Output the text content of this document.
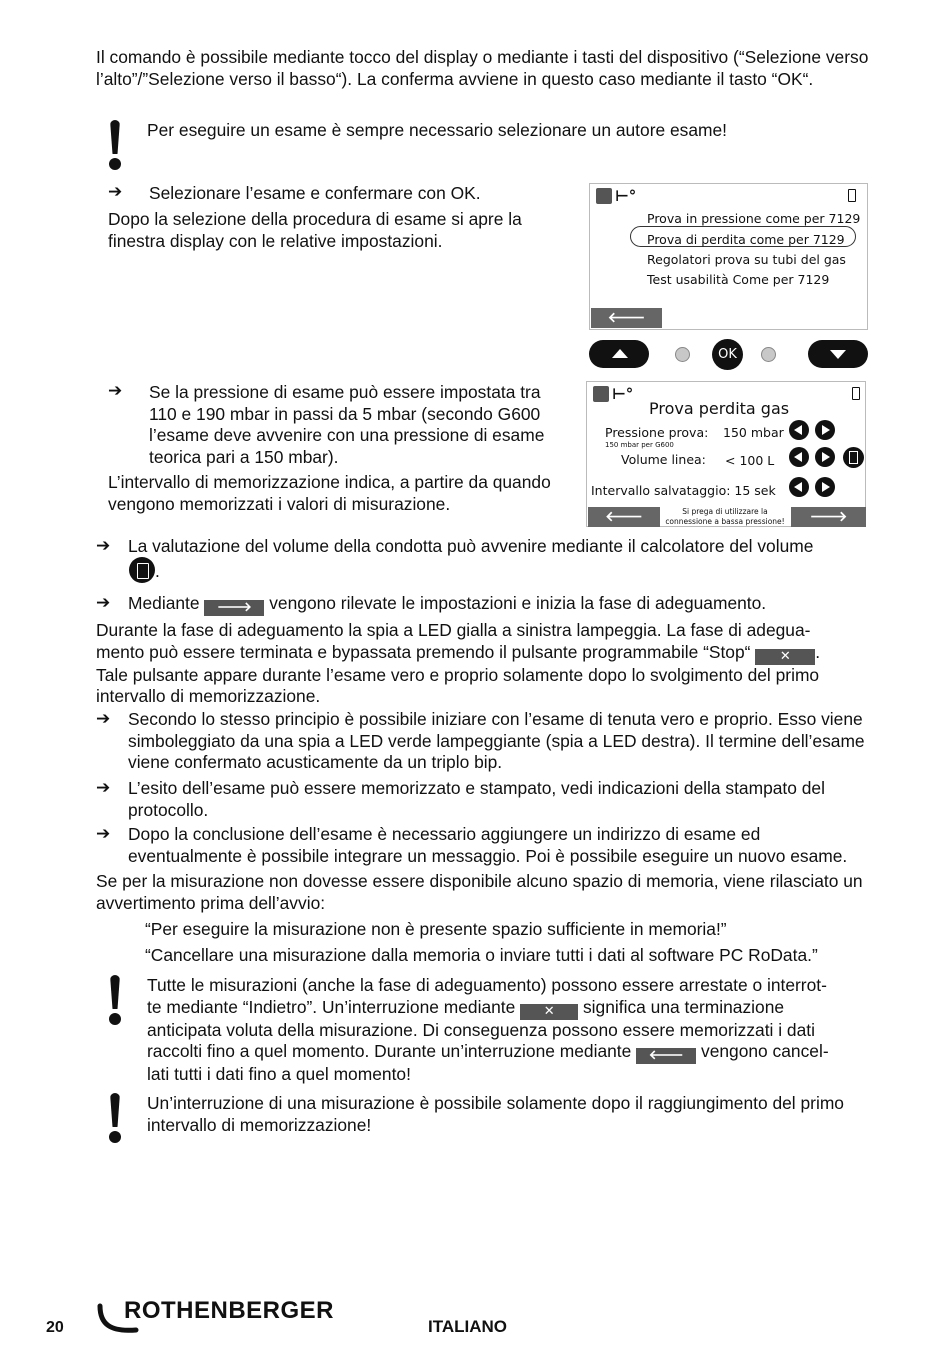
Il comando è possibile mediante tocco del display o mediante i tasti del dispositivo (“Selezione verso l’alto”/”Selezione verso il basso“). La conferma avviene in questo caso mediante il tasto “OK“.
Per eseguire un esame è sempre necessario selezionare un autore esame!
➔ Selezionare l’esame e confermare con OK.
Dopo la selezione della procedura di esame si apre la finestra display con le relative impostazioni.
⊢°
Prova in pressione come per 7129
Prova di perdita come per 7129
Regolatori prova su tubi del gas
Test usabilità Come per 7129
🡐
OK
➔ Se la pressione di esame può essere impostata tra 110 e 190 mbar in passi da 5 mbar (secondo G600 l’esame deve avvenire con una pressione di esame teorica pari a 150 mbar).
L’intervallo di memorizzazione indica, a partire da quando vengono memorizzati i valori di misurazione.
⊢°
Prova perdita gas
Pressione prova:
150 mbar per G600
150 mbar
Volume linea: < 100 L
Intervallo salvataggio: 15 sek
🡐	Si prega di utilizzare la
connessione a bassa pressione!	🡒
➔ La valutazione del volume della condotta può avvenire mediante il calcolatore del volume
.
➔ Mediante 🡒 vengono rilevate le impostazioni e inizia la fase di adeguamento.
Durante la fase di adeguamento la spia a LED gialla a sinistra lampeggia. La fase di adegua-
mento può essere terminata e bypassata premendo il pulsante programmabile “Stop“ ✕ .
Tale pulsante appare durante l’esame vero e proprio solamente dopo lo svolgimento del primo
intervallo di memorizzazione.
➔ Secondo lo stesso principio è possibile iniziare con l’esame di tenuta vero e proprio. Esso viene simboleggiato da una spia a LED verde lampeggiante (spia a LED destra). Il termine dell’esame viene confermato acusticamente da un triplo bip.
➔ L’esito dell’esame può essere memorizzato e stampato, vedi indicazioni della stampato del protocollo.
➔ Dopo la conclusione dell’esame è necessario aggiungere un indirizzo di esame ed eventualmente è possibile integrare un messaggio. Poi è possibile eseguire un nuovo esame.
Se per la misurazione non dovesse essere disponibile alcuno spazio di memoria, viene rilasciato un avvertimento prima dell’avvio:
“Per eseguire la misurazione non è presente spazio sufficiente in memoria!”
“Cancellare una misurazione dalla memoria o inviare tutti i dati al software PC RoData.”
Tutte le misurazioni (anche la fase di adeguamento) possono essere arrestate o interrot-
te mediante “Indietro”. Un’interruzione mediante ✕ significa una terminazione
anticipata voluta della misurazione. Di conseguenza possono essere memorizzati i dati
raccolti fino a quel momento. Durante un’interruzione mediante 🡐 vengono cancel-
lati tutti i dati fino a quel momento!
Un’interruzione di una misurazione è possibile solamente dopo il raggiungimento del primo intervallo di memorizzazione!
20
ROTHENBERGER
ITALIANO
